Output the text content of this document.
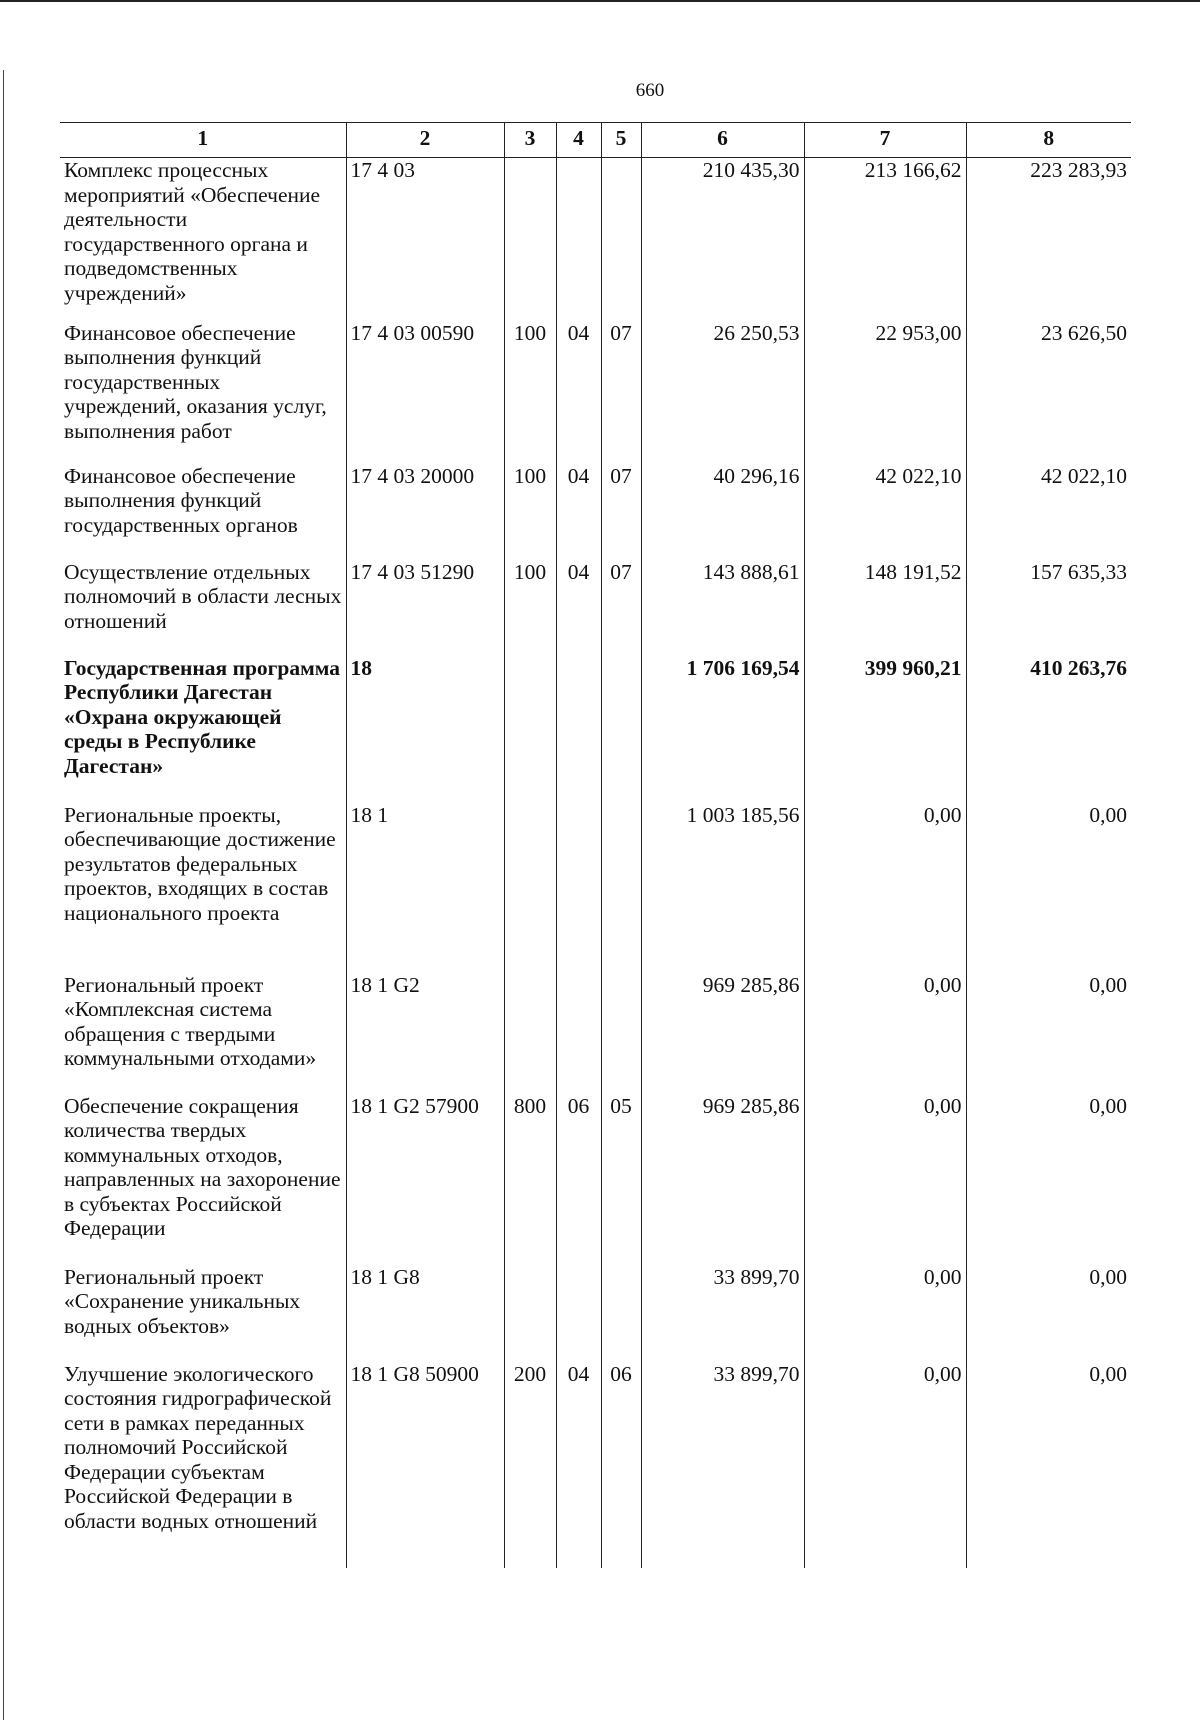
660
1	2	3	4	5	6	7	8
Комплекс процессных мероприятий «Обеспечение деятельности государственного органа и подведомственных учреждений»	17 4 03				210 435,30	213 166,62	223 283,93
Финансовое обеспечение выполнения функций государственных учреждений, оказания услуг, выполнения работ	17 4 03 00590	100	04	07	26 250,53	22 953,00	23 626,50
Финансовое обеспечение выполнения функций государственных органов	17 4 03 20000	100	04	07	40 296,16	42 022,10	42 022,10
Осуществление отдельных полномочий в области лесных отношений	17 4 03 51290	100	04	07	143 888,61	148 191,52	157 635,33
Государственная программа Республики Дагестан «Охрана окружающей среды в Республике Дагестан»	18				1 706 169,54	399 960,21	410 263,76
Региональные проекты, обеспечивающие достижение результатов федеральных проектов, входящих в состав национального проекта	18 1				1 003 185,56	0,00	0,00
Региональный проект «Комплексная система обращения с твердыми коммунальными отходами»	18 1 G2				969 285,86	0,00	0,00
Обеспечение сокращения количества твердых коммунальных отходов, направленных на захоронение в субъектах Российской Федерации	18 1 G2 57900	800	06	05	969 285,86	0,00	0,00
Региональный проект «Сохранение уникальных водных объектов»	18 1 G8				33 899,70	0,00	0,00
Улучшение экологического состояния гидрографической сети в рамках переданных полномочий Российской Федерации субъектам Российской Федерации в области водных отношений	18 1 G8 50900	200	04	06	33 899,70	0,00	0,00
